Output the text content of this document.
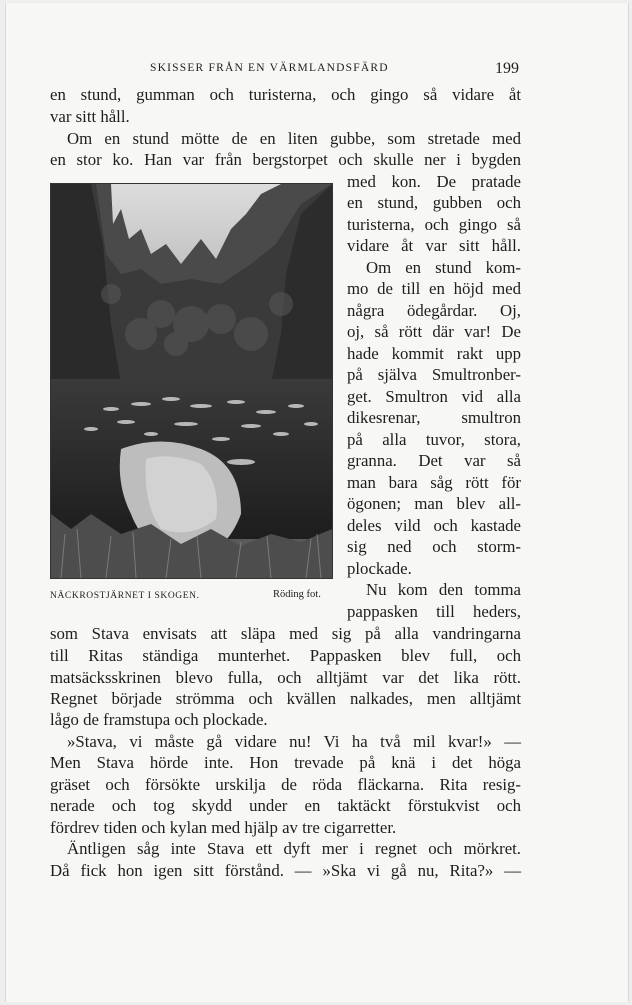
SKISSER FRÅN EN VÄRMLANDSFÄRD	199
en stund, gumman och turisterna, och gingo så vidare åt
var sitt håll.
Om en stund mötte de en liten gubbe, som stretade med
en stor ko. Han var från bergstorpet och skulle ner i bygden
med kon. De pratade
en stund, gubben och
turisterna, och gingo så
vidare åt var sitt håll.
Om en stund kom-
mo de till en höjd med
några ödegårdar. Oj,
oj, så rött där var! De
hade kommit rakt upp
på själva Smultronber-
get. Smultron vid alla
dikesrenar, smultron
på alla tuvor, stora,
granna. Det var så
man bara såg rött för
ögonen; man blev all-
deles vild och kastade
sig ned och storm-
plockade.
Nu kom den tomma
pappasken till heders,
som Stava envisats att släpa med sig på alla vandringarna
till Ritas ständiga munterhet. Pappasken blev full, och
matsäcksskrinen blevo fulla, och alltjämt var det lika rött.
Regnet började strömma och kvällen nalkades, men alltjämt
lågo de framstupa och plockade.
»Stava, vi måste gå vidare nu! Vi ha två mil kvar!» —
Men Stava hörde inte. Hon trevade på knä i det höga
gräset och försökte urskilja de röda fläckarna. Rita resig-
nerade och tog skydd under en taktäckt förstukvist och
fördrev tiden och kylan med hjälp av tre cigarretter.
Äntligen såg inte Stava ett dyft mer i regnet och mörkret.
Då fick hon igen sitt förstånd. — »Ska vi gå nu, Rita?» —
NÄCKROSTJÄRNET I SKOGEN.	Röding fot.
